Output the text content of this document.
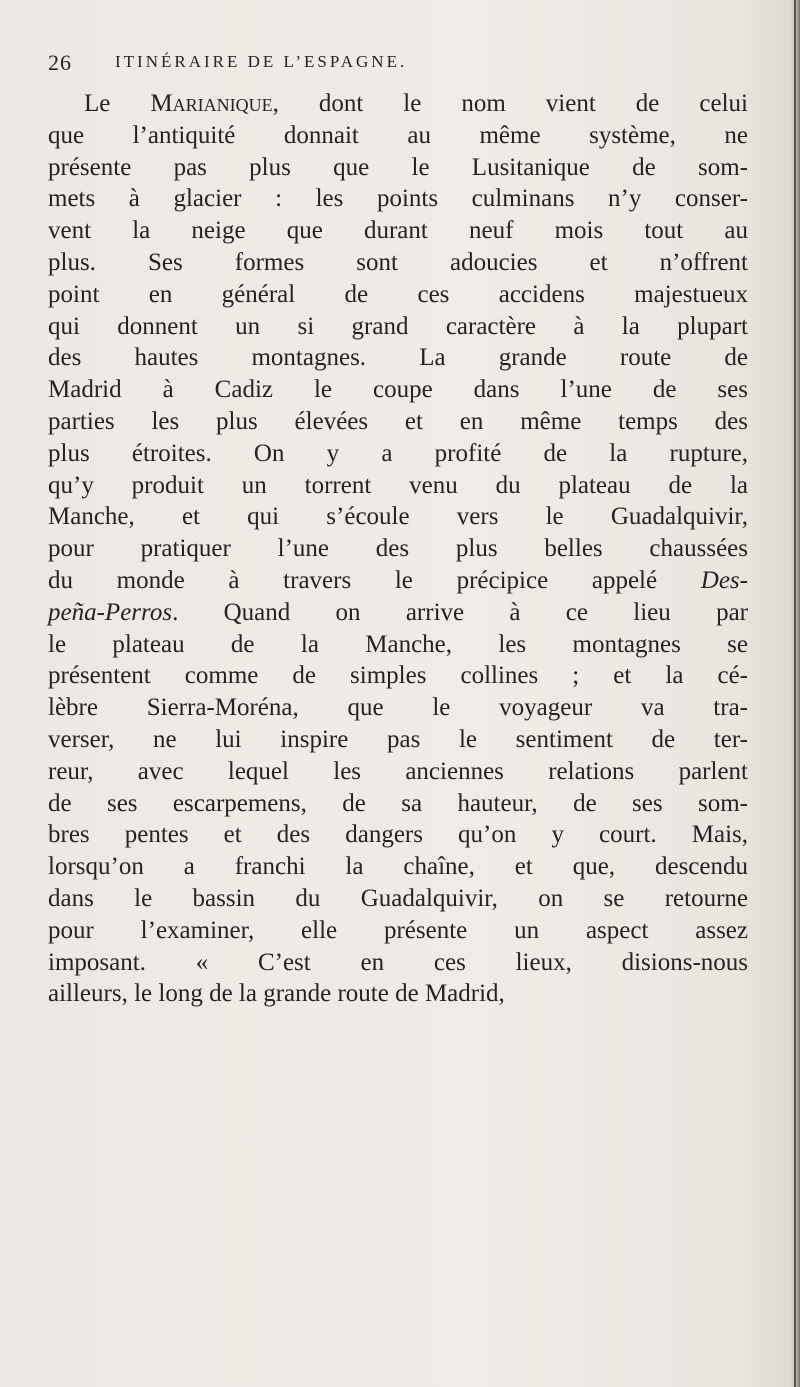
26	ITINÉRAIRE DE L’ESPAGNE.
Le Marianique, dont le nom vient de celui
que l’antiquité donnait au même système, ne
présente pas plus que le Lusitanique de som-
mets à glacier : les points culminans n’y conser-
vent la neige que durant neuf mois tout au
plus. Ses formes sont adoucies et n’offrent
point en général de ces accidens majestueux
qui donnent un si grand caractère à la plupart
des hautes montagnes. La grande route de
Madrid à Cadiz le coupe dans l’une de ses
parties les plus élevées et en même temps des
plus étroites. On y a profité de la rupture,
qu’y produit un torrent venu du plateau de la
Manche, et qui s’écoule vers le Guadalquivir,
pour pratiquer l’une des plus belles chaussées
du monde à travers le précipice appelé Des-
peña-Perros. Quand on arrive à ce lieu par
le plateau de la Manche, les montagnes se
présentent comme de simples collines ; et la cé-
lèbre Sierra-Moréna, que le voyageur va tra-
verser, ne lui inspire pas le sentiment de ter-
reur, avec lequel les anciennes relations parlent
de ses escarpemens, de sa hauteur, de ses som-
bres pentes et des dangers qu’on y court. Mais,
lorsqu’on a franchi la chaîne, et que, descendu
dans le bassin du Guadalquivir, on se retourne
pour l’examiner, elle présente un aspect assez
imposant. « C’est en ces lieux, disions-nous
ailleurs, le long de la grande route de Madrid,
